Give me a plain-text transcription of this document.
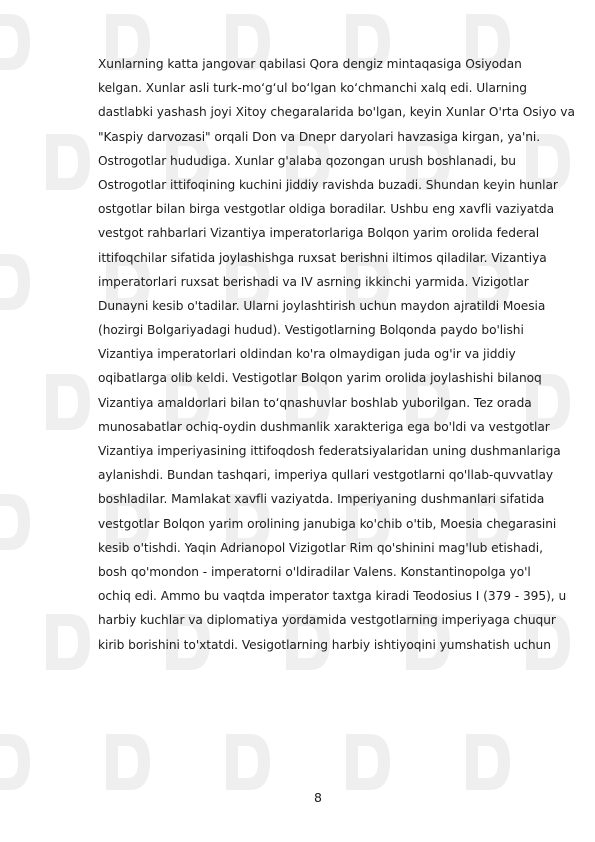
Xunlarning katta jangovar qabilasi Qora dengiz mintaqasiga Osiyodan
kelgan. Xunlar asli turk-mo‘g‘ul bo‘lgan ko‘chmanchi xalq edi. Ularning
dastlabki yashash joyi Xitoy chegaralarida bo'lgan, keyin Xunlar O'rta Osiyo va
"Kaspiy darvozasi" orqali Don va Dnepr daryolari havzasiga kirgan, ya'ni.
Ostrogotlar hududiga. Xunlar g'alaba qozongan urush boshlanadi, bu
Ostrogotlar ittifoqining kuchini jiddiy ravishda buzadi. Shundan keyin hunlar
ostgotlar bilan birga vestgotlar oldiga boradilar. Ushbu eng xavfli vaziyatda
vestgot rahbarlari Vizantiya imperatorlariga Bolqon yarim orolida federal
ittifoqchilar sifatida joylashishga ruxsat berishni iltimos qiladilar. Vizantiya
imperatorlari ruxsat berishadi va IV asrning ikkinchi yarmida. Vizigotlar
Dunayni kesib o'tadilar. Ularni joylashtirish uchun maydon ajratildi Moesia
(hozirgi Bolgariyadagi hudud). Vestigotlarning Bolqonda paydo bo'lishi
Vizantiya imperatorlari oldindan ko'ra olmaydigan juda og'ir va jiddiy
oqibatlarga olib keldi. Vestigotlar Bolqon yarim orolida joylashishi bilanoq
Vizantiya amaldorlari bilan to‘qnashuvlar boshlab yuborilgan. Tez orada
munosabatlar ochiq-oydin dushmanlik xarakteriga ega bo'ldi va vestgotlar
Vizantiya imperiyasining ittifoqdosh federatsiyalaridan uning dushmanlariga
aylanishdi. Bundan tashqari, imperiya qullari vestgotlarni qo'llab-quvvatlay
boshladilar. Mamlakat xavfli vaziyatda. Imperiyaning dushmanlari sifatida
vestgotlar Bolqon yarim orolining janubiga ko'chib o'tib, Moesia chegarasini
kesib o'tishdi. Yaqin Adrianopol Vizigotlar Rim qo'shinini mag'lub etishadi,
bosh qo'mondon - imperatorni o'ldiradilar Valens. Konstantinopolga yo'l
ochiq edi. Ammo bu vaqtda imperator taxtga kiradi Teodosius I (379 - 395), u
harbiy kuchlar va diplomatiya yordamida vestgotlarning imperiyaga chuqur
kirib borishini to'xtatdi. Vesigotlarning harbiy ishtiyoqini yumshatish uchun
8
